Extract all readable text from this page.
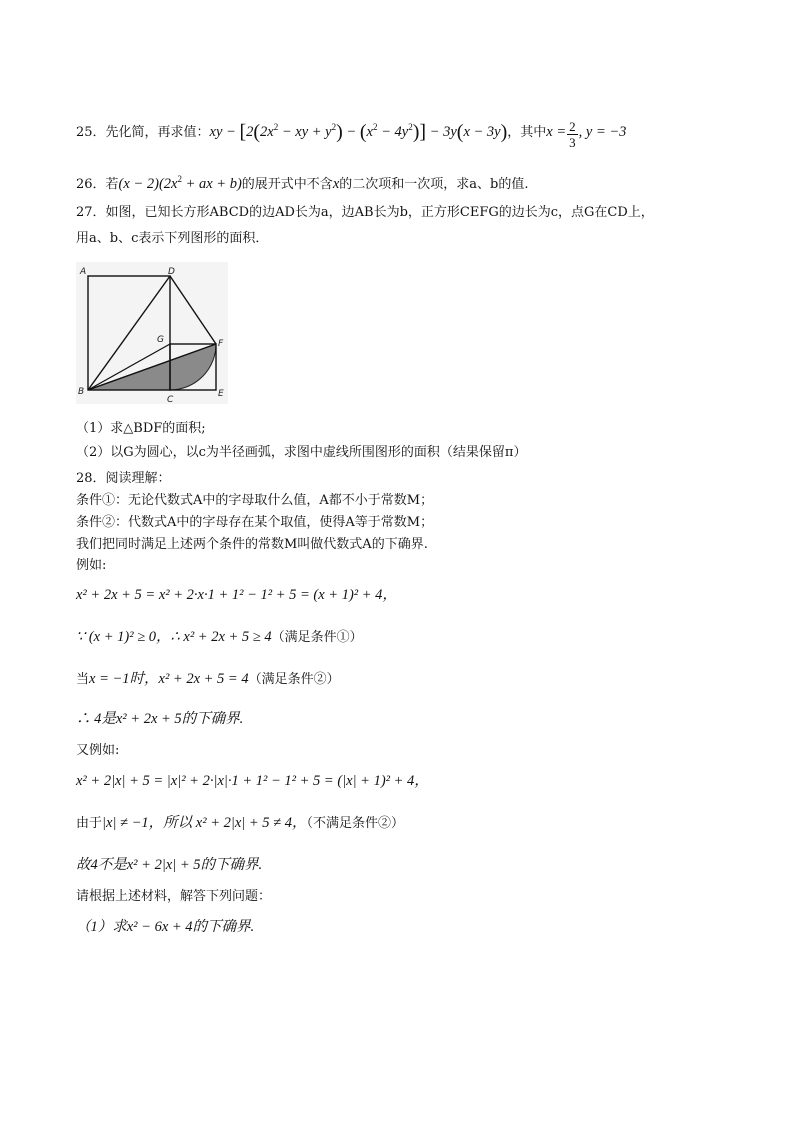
25．先化简，再求值：xy − [$2(2x^2$ − xy + $y^2) - (x^2 - 4y^2)] - 3y(x - 3y)$，其中$x = \frac{2}{3}$ , y = −3
26．若$(x - 2)(2x^2$ + ax + b)的展开式中不含x的二次项和一次项，求a、b的值.
27．如图，已知长方形ABCD的边AD长为a，边AB长为b，正方形CEFG的边长为c，点G在CD上，
用a、b、c表示下列图形的面积．
A	D
G	F
B
C
E
（1）求△BDF的面积;
（2）以G为圆心，以c为半径画弧，求图中虚线所围图形的面积（结果保留π）
28．阅读理解：
条件①：无论代数式A中的字母取什么值，A都不小于常数M；
条件②：代数式A中的字母存在某个取值，使得A等于常数M；
我们把同时满足上述两个条件的常数M叫做代数式A的下确界.
例如:
x² + 2x + 5 = x² + 2·x·1 + 1² − 1² + 5 = (x + 1)² + 4，
∵ (x + 1)² ≥ 0，∴ x² + 2x + 5 ≥ 4（满足条件①）
当x = −1时，x² + 2x + 5 = 4（满足条件②）
∴ 4是x² + 2x + 5的下确界.
又例如:
x² + 2|x| + 5 = |x|² + 2·|x|·1 + 1² − 1² + 5 = (|x| + 1)² + 4，
由于|x| ≠ −1，所以 x² + 2|x| + 5 ≠ 4，（不满足条件②）
故4不是x² + 2|x| + 5的下确界.
请根据上述材料，解答下列问题：
（1）求x² − 6x + 4的下确界.
